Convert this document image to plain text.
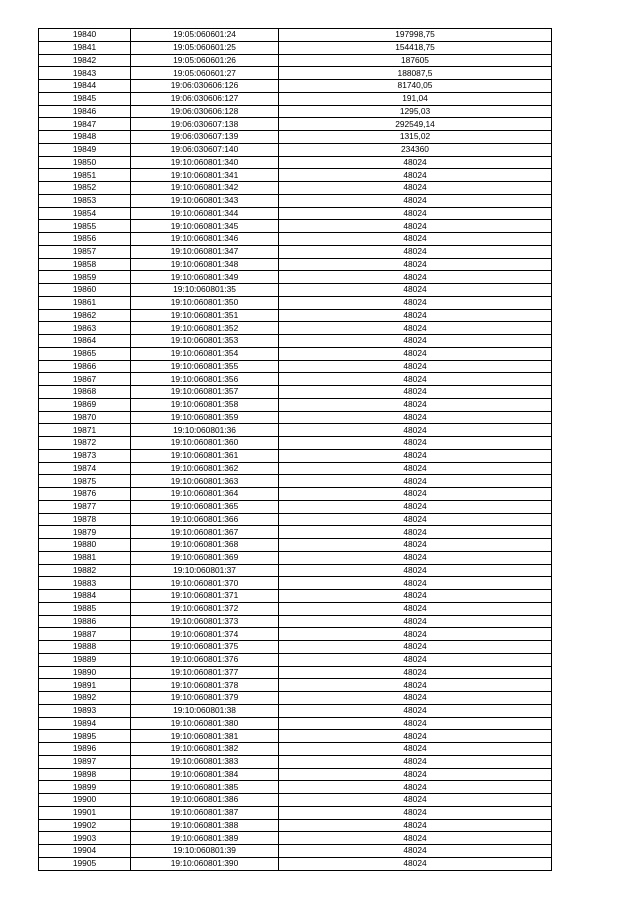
19840	19:05:060601:24	197998,75
19841	19:05:060601:25	154418,75
19842	19:05:060601:26	187605
19843	19:05:060601:27	188087,5
19844	19:06:030606:126	81740,05
19845	19:06:030606:127	191,04
19846	19:06:030606:128	1295,03
19847	19:06:030607:138	292549,14
19848	19:06:030607:139	1315,02
19849	19:06:030607:140	234360
19850	19:10:060801:340	48024
19851	19:10:060801:341	48024
19852	19:10:060801:342	48024
19853	19:10:060801:343	48024
19854	19:10:060801:344	48024
19855	19:10:060801:345	48024
19856	19:10:060801:346	48024
19857	19:10:060801:347	48024
19858	19:10:060801:348	48024
19859	19:10:060801:349	48024
19860	19:10:060801:35	48024
19861	19:10:060801:350	48024
19862	19:10:060801:351	48024
19863	19:10:060801:352	48024
19864	19:10:060801:353	48024
19865	19:10:060801:354	48024
19866	19:10:060801:355	48024
19867	19:10:060801:356	48024
19868	19:10:060801:357	48024
19869	19:10:060801:358	48024
19870	19:10:060801:359	48024
19871	19:10:060801:36	48024
19872	19:10:060801:360	48024
19873	19:10:060801:361	48024
19874	19:10:060801:362	48024
19875	19:10:060801:363	48024
19876	19:10:060801:364	48024
19877	19:10:060801:365	48024
19878	19:10:060801:366	48024
19879	19:10:060801:367	48024
19880	19:10:060801:368	48024
19881	19:10:060801:369	48024
19882	19:10:060801:37	48024
19883	19:10:060801:370	48024
19884	19:10:060801:371	48024
19885	19:10:060801:372	48024
19886	19:10:060801:373	48024
19887	19:10:060801:374	48024
19888	19:10:060801:375	48024
19889	19:10:060801:376	48024
19890	19:10:060801:377	48024
19891	19:10:060801:378	48024
19892	19:10:060801:379	48024
19893	19:10:060801:38	48024
19894	19:10:060801:380	48024
19895	19:10:060801:381	48024
19896	19:10:060801:382	48024
19897	19:10:060801:383	48024
19898	19:10:060801:384	48024
19899	19:10:060801:385	48024
19900	19:10:060801:386	48024
19901	19:10:060801:387	48024
19902	19:10:060801:388	48024
19903	19:10:060801:389	48024
19904	19:10:060801:39	48024
19905	19:10:060801:390	48024
